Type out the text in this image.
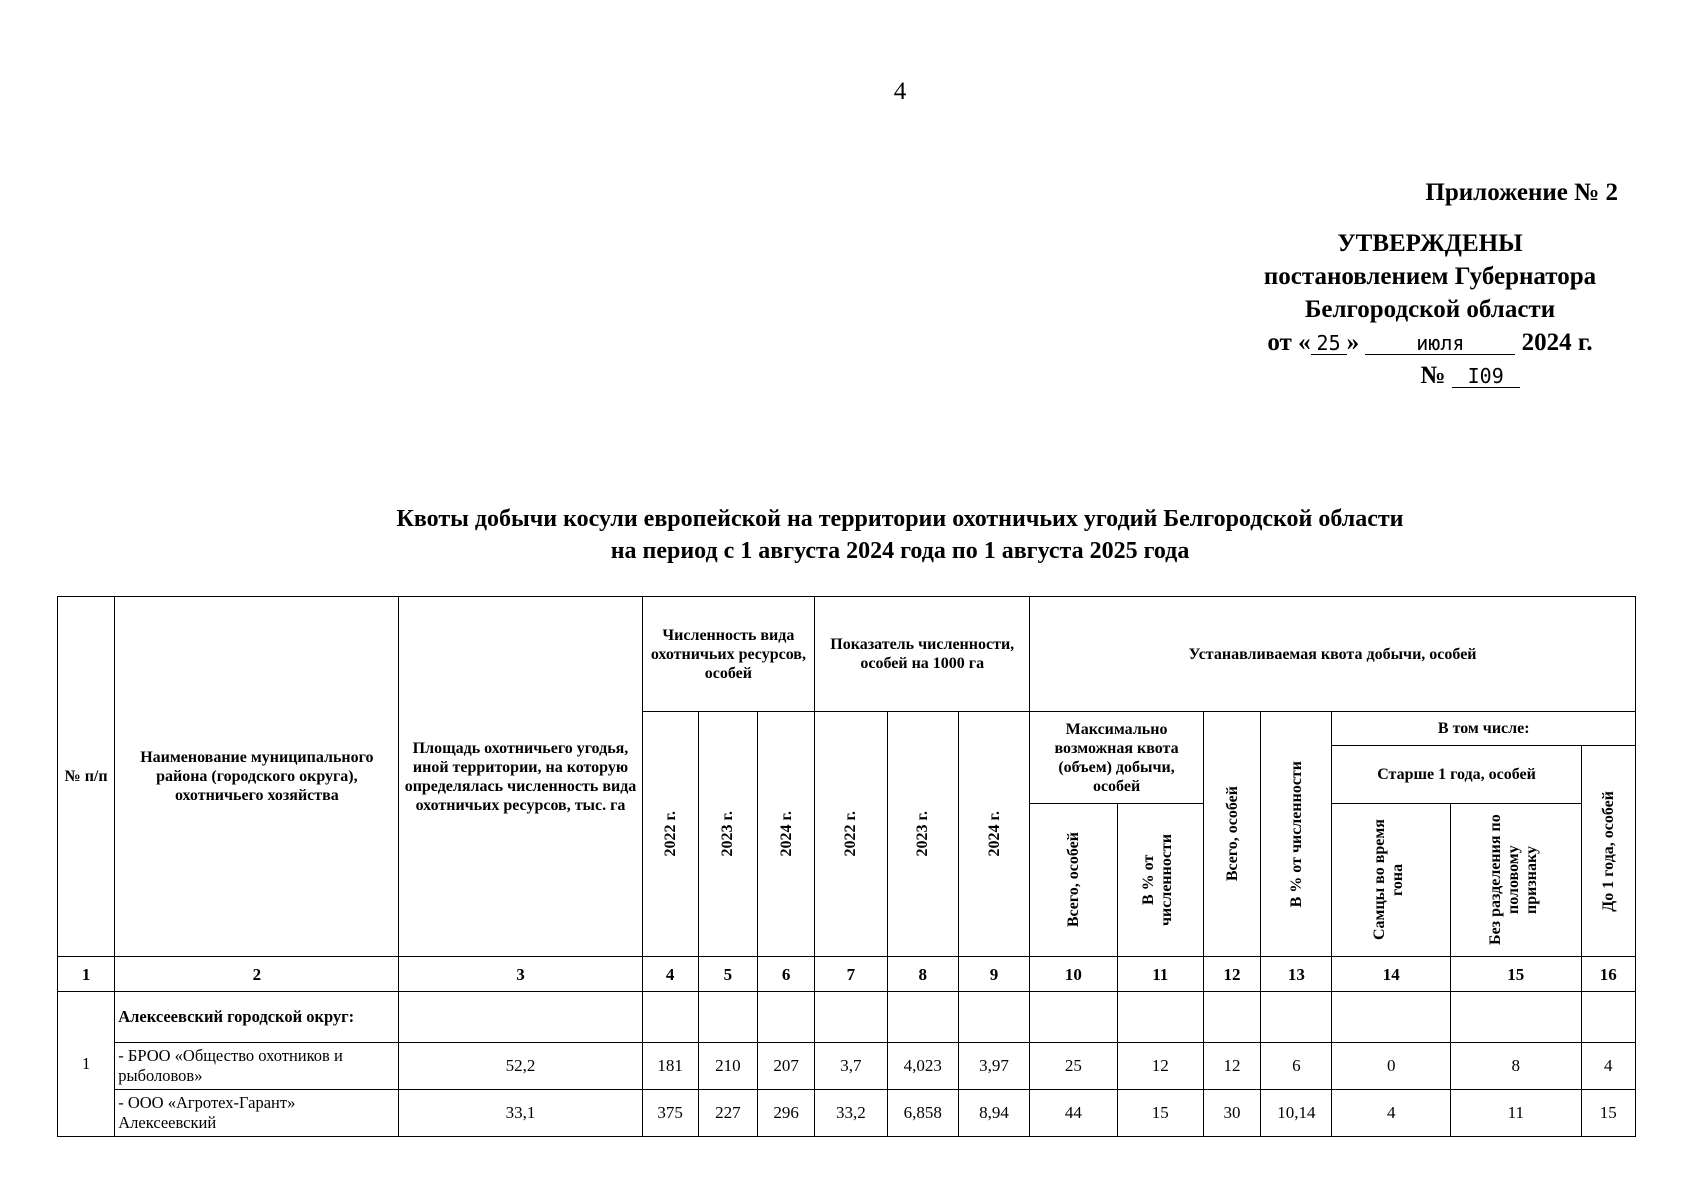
4
Приложение № 2
УТВЕРЖДЕНЫ
постановлением Губернатора
Белгородской области
от « 25 »	июля 2024 г.
№ I09
Квоты добычи косули европейской на территории охотничьих угодий Белгородской области
на период с 1 августа 2024 года по 1 августа 2025 года
№ п/п	Наименование муниципального района (городского округа), охотничьего хозяйства	Площадь охотничьего угодья, иной территории, на которую определялась численность вида охотничьих ресурсов, тыс. га	Численность вида охотничьих ресурсов, особей			Показатель численности, особей на 1000 га			Устанавливаемая квота добычи, особей						

			2022 г.	2023 г.	2024 г.	2022 г.	2023 г.	2024 г.	Максимально возможная квота (объем) добычи, особей		Всего, особей	В % от численности	В том числе:		
													Старше 1 года, особей		До 1 года, особей

									Всего, особей	В % от численности			Самцы во время гона	Без разделения по половому признаку	

1	2	3	4	5	6	7	8	9	10	11	12	13	14	15	16
1	Алексеевский городской округ:														
	- БРОО «Общество охотников и рыболовов»	52,2	181	210	207	3,7	4,023	3,97	25	12	12	6	0	8	4
	- ООО «Агротех-Гарант» Алексеевский	33,1	375	227	296	33,2	6,858	8,94	44	15	30	10,14	4	11	15
